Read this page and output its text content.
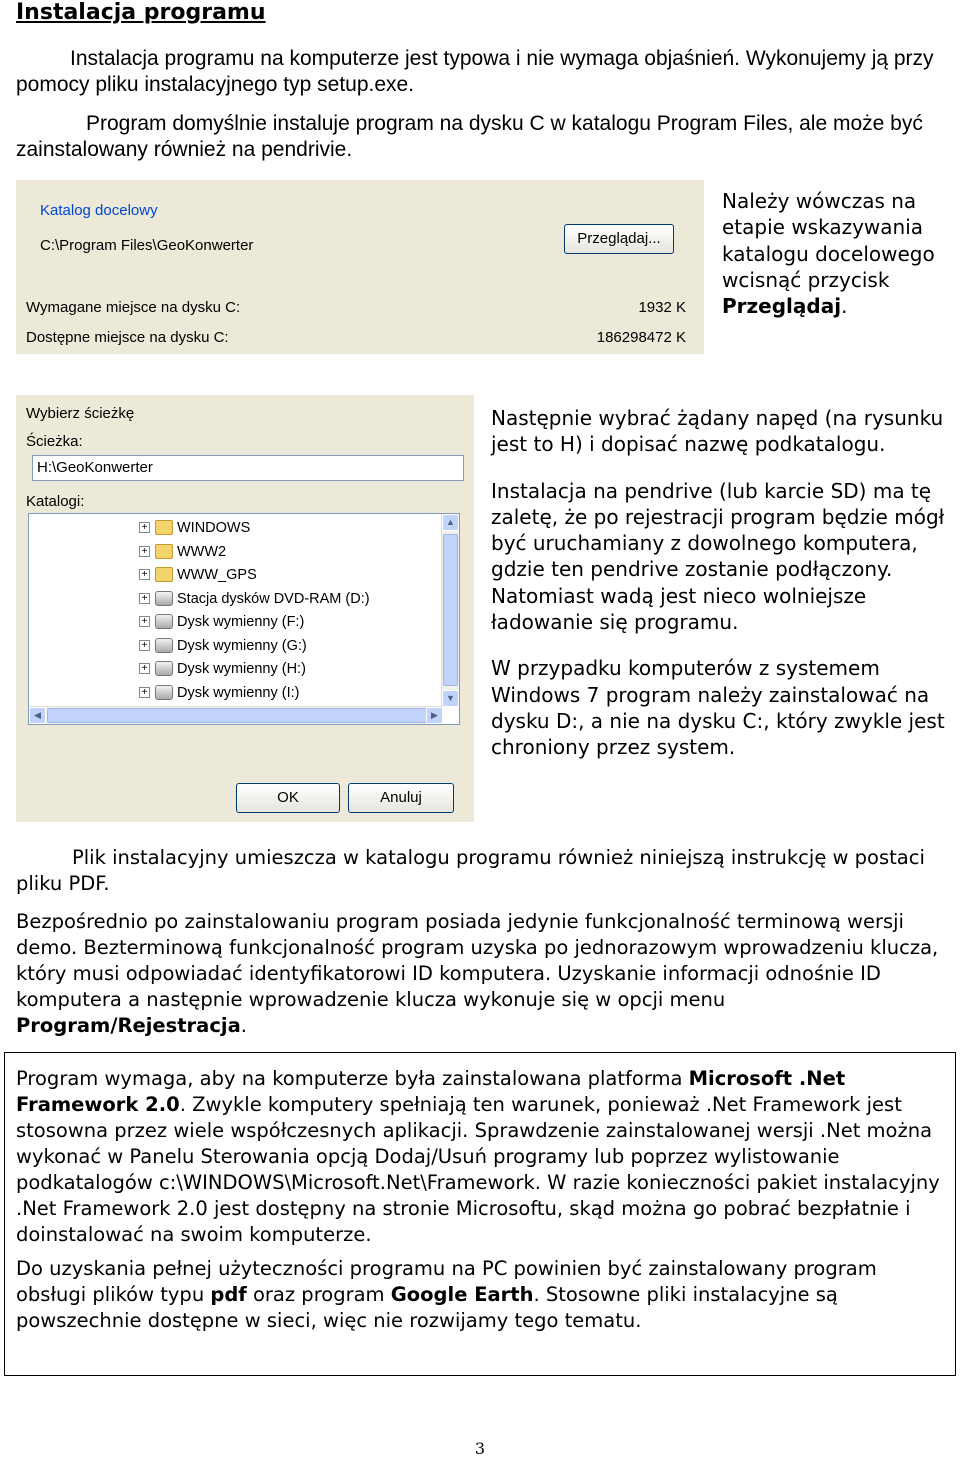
Instalacja programu
Instalacja programu na komputerze jest typowa i nie wymaga objaśnień. Wykonujemy ją przy pomocy pliku instalacyjnego typ setup.exe.
Program domyślnie instaluje program na dysku C w katalogu Program Files, ale może być zainstalowany również na pendrivie.
Katalog docelowy
C:\Program Files\GeoKonwerter	Przeglądaj...
Wymagane miejsce na dysku C:	1932 K
Dostępne miejsce na dysku C:	186298472 K
Należy wówczas na etapie wskazywania katalogu docelowego wcisnąć przycisk Przeglądaj.
Wybierz ścieżkę
Ścieżka:
H:\GeoKonwerter
Katalogi:
+ WINDOWS
+ WWW2
+ WWW_GPS
+ Stacja dysków DVD-RAM (D:)
+ Dysk wymienny (F:)
+ Dysk wymienny (G:)
+ Dysk wymienny (H:)
+ Dysk wymienny (I:)
▲
▼
◀	▶
OK	Anuluj

Następnie wybrać żądany napęd (na rysunku jest to H) i dopisać nazwę podkatalogu.

Instalacja na pendrive (lub karcie SD) ma tę zaletę, że po rejestracji program będzie mógł być uruchamiany z dowolnego komputera, gdzie ten pendrive zostanie podłączony. Natomiast wadą jest nieco wolniejsze ładowanie się programu.

W przypadku komputerów z systemem Windows 7 program należy zainstalować na dysku D:, a nie na dysku C:, który zwykle jest chroniony przez system.

Plik instalacyjny umieszcza w katalogu programu również niniejszą instrukcję w postaci pliku PDF.
Bezpośrednio po zainstalowaniu program posiada jedynie funkcjonalność terminową wersji demo. Bezterminową funkcjonalność program uzyska po jednorazowym wprowadzeniu klucza, który musi odpowiadać identyfikatorowi ID komputera. Uzyskanie informacji odnośnie ID komputera a następnie wprowadzenie klucza wykonuje się w opcji menu Program/Rejestracja.

Program wymaga, aby na komputerze była zainstalowana platforma Microsoft .Net Framework 2.0. Zwykle komputery spełniają ten warunek, ponieważ .Net Framework jest stosowna przez wiele współczesnych aplikacji. Sprawdzenie zainstalowanej wersji .Net można wykonać w Panelu Sterowania opcją Dodaj/Usuń programy lub poprzez wylistowanie podkatalogów c:\WINDOWS\Microsoft.Net\Framework. W razie konieczności pakiet instalacyjny .Net Framework 2.0 jest dostępny na stronie Microsoftu, skąd można go pobrać bezpłatnie i doinstalować na swoim komputerze.

Do uzyskania pełnej użyteczności programu na PC powinien być zainstalowany program obsługi plików typu pdf oraz program Google Earth. Stosowne pliki instalacyjne są powszechnie dostępne w sieci, więc nie rozwijamy tego tematu.

3
